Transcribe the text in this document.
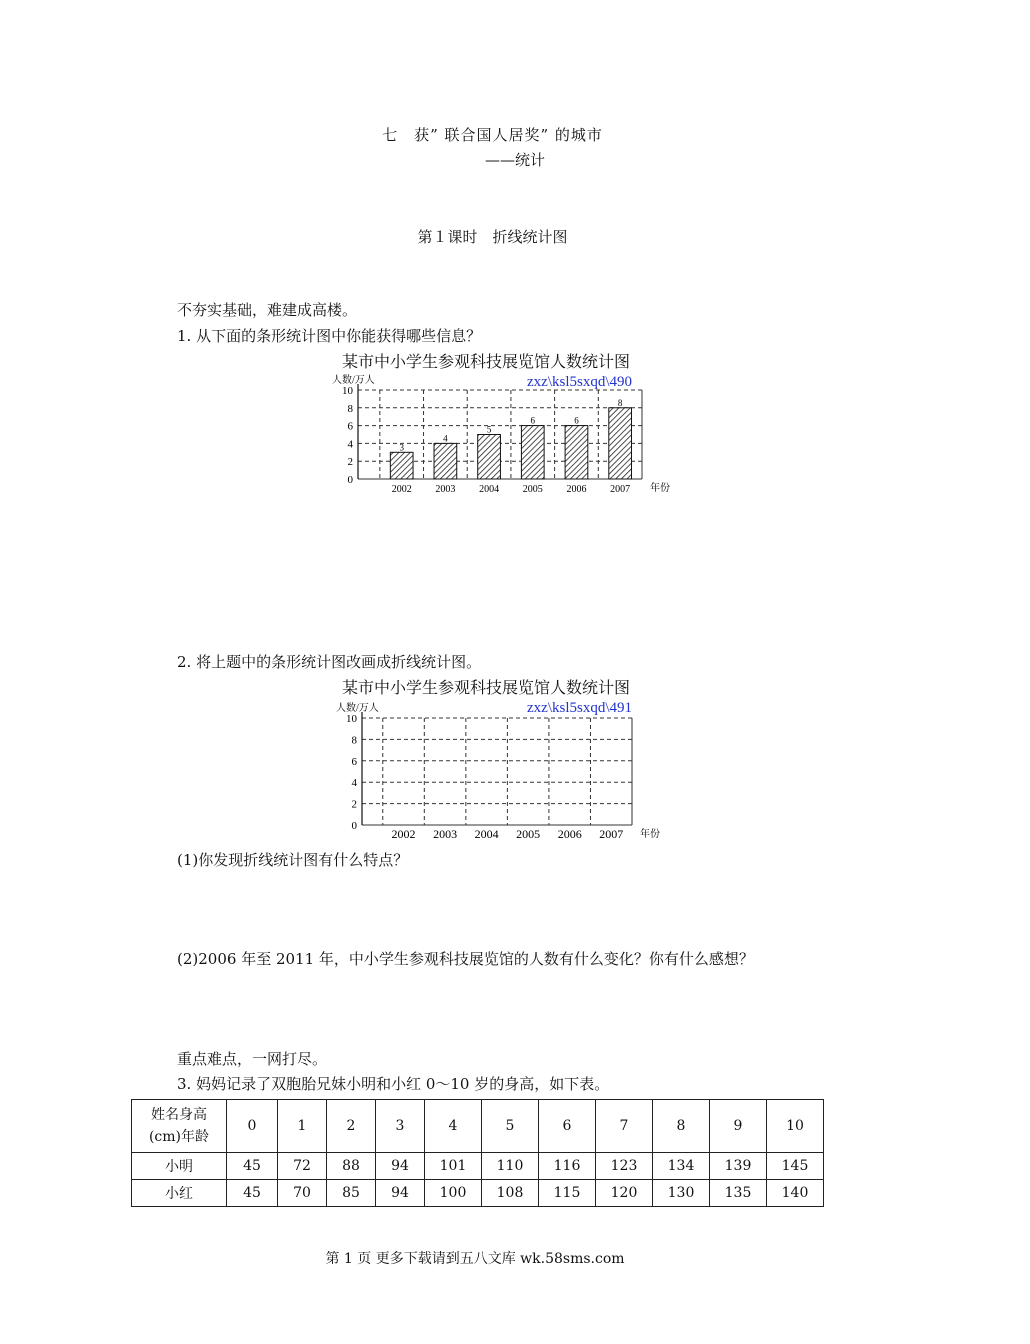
七　获” 联合国人居奖” 的城市
——统计
第１课时　折线统计图
不夯实基础，难建成高楼。
1. 从下面的条形统计图中你能获得哪些信息？
某市中小学生参观科技展览馆人数统计图
zxz\ksl5sxqd\490
0
2
4
6
8
10
人数/万人
年份
2002
3
2003
4
2004
5
2005
6
2006
6
2007
8
2. 将上题中的条形统计图改画成折线统计图。
某市中小学生参观科技展览馆人数统计图
zxz\ksl5sxqd\491
0
2
4
6
8
10
人数/万人
年份
2002 2003 2004 2005 2006 2007
(1)你发现折线统计图有什么特点？
(2)2006 年至 2011 年，中小学生参观科技展览馆的人数有什么变化？你有什么感想？
重点难点，一网打尽。
3. 妈妈记录了双胞胎兄妹小明和小红 0～10 岁的身高，如下表。
姓名身高
(cm)年龄	0	1	2	3	4	5	6	7	8	9	10
小明	45	72	88	94	101	110	116	123	134	139	145
小红	45	70	85	94	100	108	115	120	130	135	140
第 1 页 更多下载请到五八文库 wk.58sms.com
